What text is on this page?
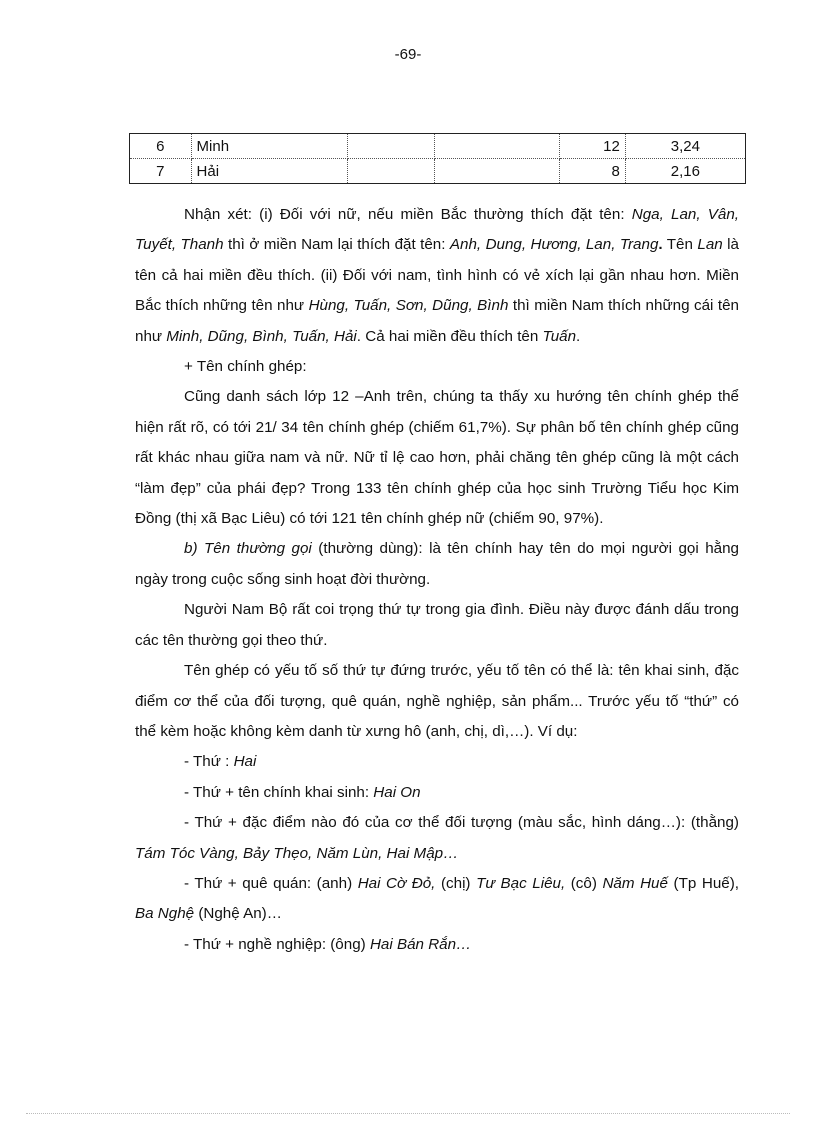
-69-
6	Minh			12	3,24
7	Hải			8	2,16

Nhận xét: (i) Đối với nữ, nếu miền Bắc thường thích đặt tên: Nga, Lan, Vân, Tuyết, Thanh thì ở miền Nam lại thích đặt tên: Anh, Dung, Hương, Lan, Trang. Tên Lan là tên cả hai miền đều thích. (ii) Đối với nam, tình hình có vẻ xích lại gần nhau hơn. Miền Bắc thích những tên như Hùng, Tuấn, Sơn, Dũng, Bình thì miền Nam thích những cái tên như Minh, Dũng, Bình, Tuấn, Hải. Cả hai miền đều thích tên Tuấn.

+ Tên chính ghép:

Cũng danh sách lớp 12 –Anh trên, chúng ta thấy xu hướng tên chính ghép thể hiện rất rõ, có tới 21/ 34 tên chính ghép (chiếm 61,7%). Sự phân bố tên chính ghép cũng rất khác nhau giữa nam và nữ. Nữ tỉ lệ cao hơn, phải chăng tên ghép cũng là một cách “làm đẹp” của phái đẹp? Trong 133 tên chính ghép của học sinh Trường Tiểu học Kim Đồng (thị xã Bạc Liêu) có tới 121 tên chính ghép nữ (chiếm 90, 97%).

b) Tên thường gọi (thường dùng): là tên chính hay tên do mọi người gọi hằng ngày trong cuộc sống sinh hoạt đời thường.

Người Nam Bộ rất coi trọng thứ tự trong gia đình. Điều này được đánh dấu trong các tên thường gọi theo thứ.

Tên ghép có yếu tố số thứ tự đứng trước, yếu tố tên có thể là: tên khai sinh, đặc điểm cơ thể của đối tượng, quê quán, nghề nghiệp, sản phẩm... Trước yếu tố “thứ” có thể kèm hoặc không kèm danh từ xưng hô (anh, chị, dì,…). Ví dụ:

- Thứ : Hai

- Thứ + tên chính khai sinh: Hai On

- Thứ + đặc điểm nào đó của cơ thể đối tượng (màu sắc, hình dáng…): (thằng) Tám Tóc Vàng, Bảy Thẹo, Năm Lùn, Hai Mập…

- Thứ + quê quán: (anh) Hai Cờ Đỏ, (chị) Tư Bạc Liêu, (cô) Năm Huế (Tp Huế), Ba Nghệ (Nghệ An)…

- Thứ + nghề nghiệp: (ông) Hai Bán Rắn…
